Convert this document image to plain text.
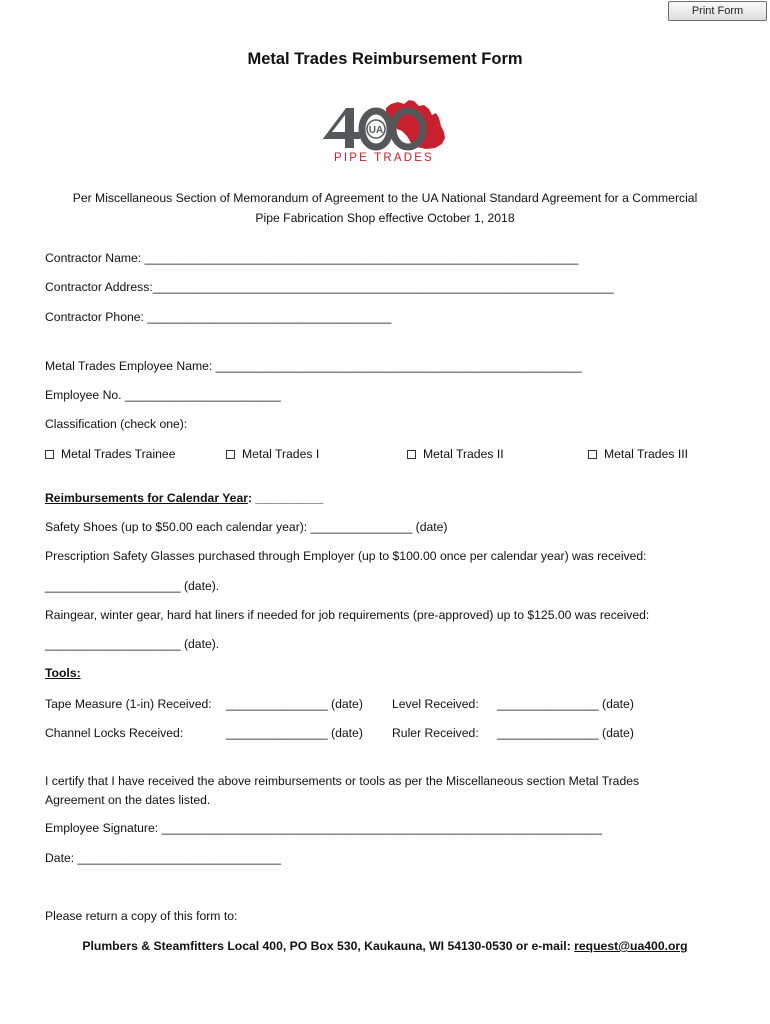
Print Form
Metal Trades Reimbursement Form
UA
PIPE TRADES
Per Miscellaneous Section of Memorandum of Agreement to the UA National Standard Agreement for a Commercial
Pipe Fabrication Shop effective October 1, 2018
Contractor Name: ________________________________________________________________
Contractor Address:____________________________________________________________________
Contractor Phone: ____________________________________
Metal Trades Employee Name: ______________________________________________________
Employee No. _______________________
Classification (check one):
Metal Trades Trainee	Metal Trades I	Metal Trades II	Metal Trades III
Reimbursements for Calendar Year: __________
Safety Shoes (up to $50.00 each calendar year): _______________ (date)
Prescription Safety Glasses purchased through Employer (up to $100.00 once per calendar year) was received:
____________________ (date).
Raingear, winter gear, hard hat liners if needed for job requirements (pre-approved) up to $125.00 was received:
____________________ (date).
Tools:
Tape Measure (1-in) Received: _______________ (date) Level Received: _______________ (date)
Channel Locks Received:	_______________ (date) Ruler Received: _______________ (date)
I certify that I have received the above reimbursements or tools as per the Miscellaneous section Metal Trades
Agreement on the dates listed.
Employee Signature: _________________________________________________________________
Date: ______________________________
Please return a copy of this form to:
Plumbers & Steamfitters Local 400, PO Box 530, Kaukauna, WI 54130-0530 or e-mail: request@ua400.org
